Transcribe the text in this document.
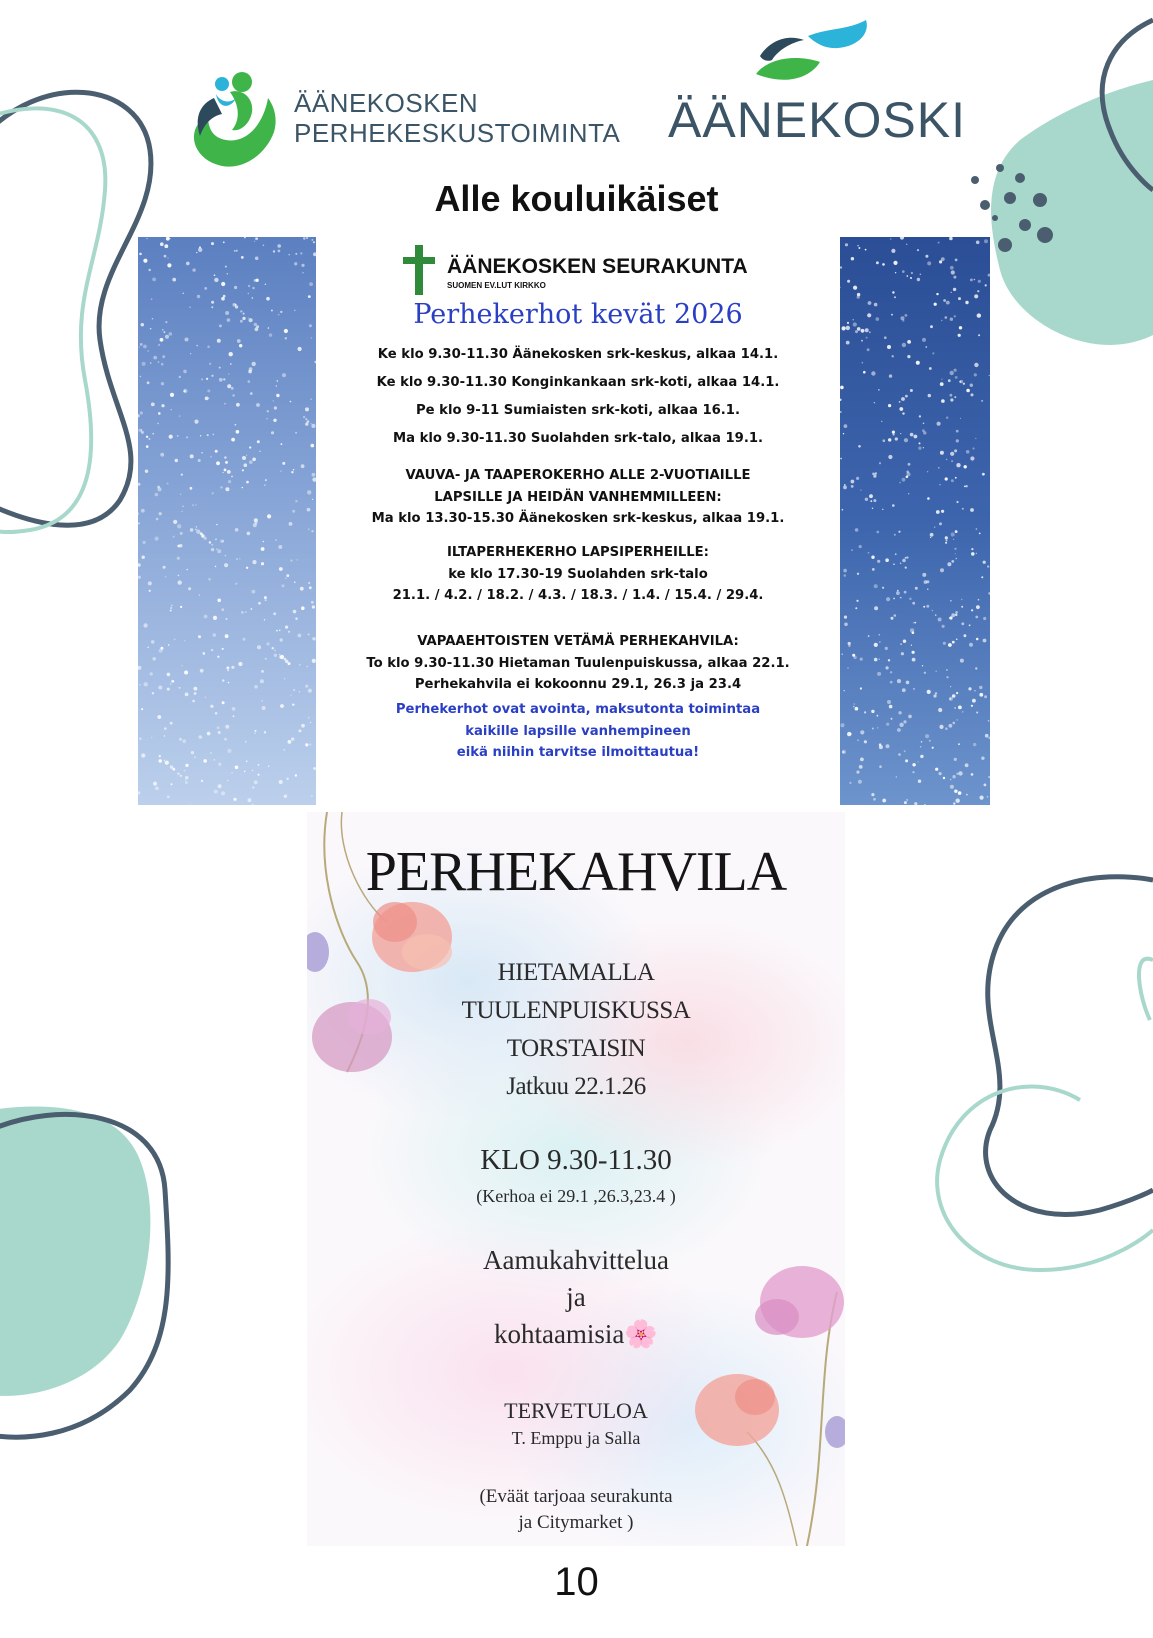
ÄÄNEKOSKEN
PERHEKESKUSTOIMINTA ÄÄNEKOSKI
Alle kouluikäiset
ÄÄNEKOSKEN SEURAKUNTA
SUOMEN EV.LUT KIRKKO
Perhekerhot kevät 2026
Ke klo 9.30-11.30 Äänekosken srk-keskus, alkaa 14.1.
Ke klo 9.30-11.30 Konginkankaan srk-koti, alkaa 14.1.
Pe klo 9-11 Sumiaisten srk-koti, alkaa 16.1.
Ma klo 9.30-11.30 Suolahden srk-talo, alkaa 19.1.
VAUVA- JA TAAPEROKERHO ALLE 2-VUOTIAILLE
LAPSILLE JA HEIDÄN VANHEMMILLEEN:
Ma klo 13.30-15.30 Äänekosken srk-keskus, alkaa 19.1.
ILTAPERHEKERHO LAPSIPERHEILLE:
ke klo 17.30-19 Suolahden srk-talo
21.1. / 4.2. / 18.2. / 4.3. / 18.3. / 1.4. / 15.4. / 29.4.
VAPAAEHTOISTEN VETÄMÄ PERHEKAHVILA:
To klo 9.30-11.30 Hietaman Tuulenpuiskussa, alkaa 22.1.
Perhekahvila ei kokoonnu 29.1, 26.3 ja 23.4
Perhekerhot ovat avointa, maksutonta toimintaa
kaikille lapsille vanhempineen
eikä niihin tarvitse ilmoittautua!
PERHEKAHVILA
HIETAMALLA
TUULENPUISKUSSA
TORSTAISIN
Jatkuu 22.1.26
KLO 9.30-11.30
(Kerhoa ei 29.1 ,26.3,23.4 )
Aamukahvittelua
ja
kohtaamisia🌸
TERVETULOA
T. Emppu ja Salla
(Eväät tarjoaa seurakunta
ja Citymarket )
10
